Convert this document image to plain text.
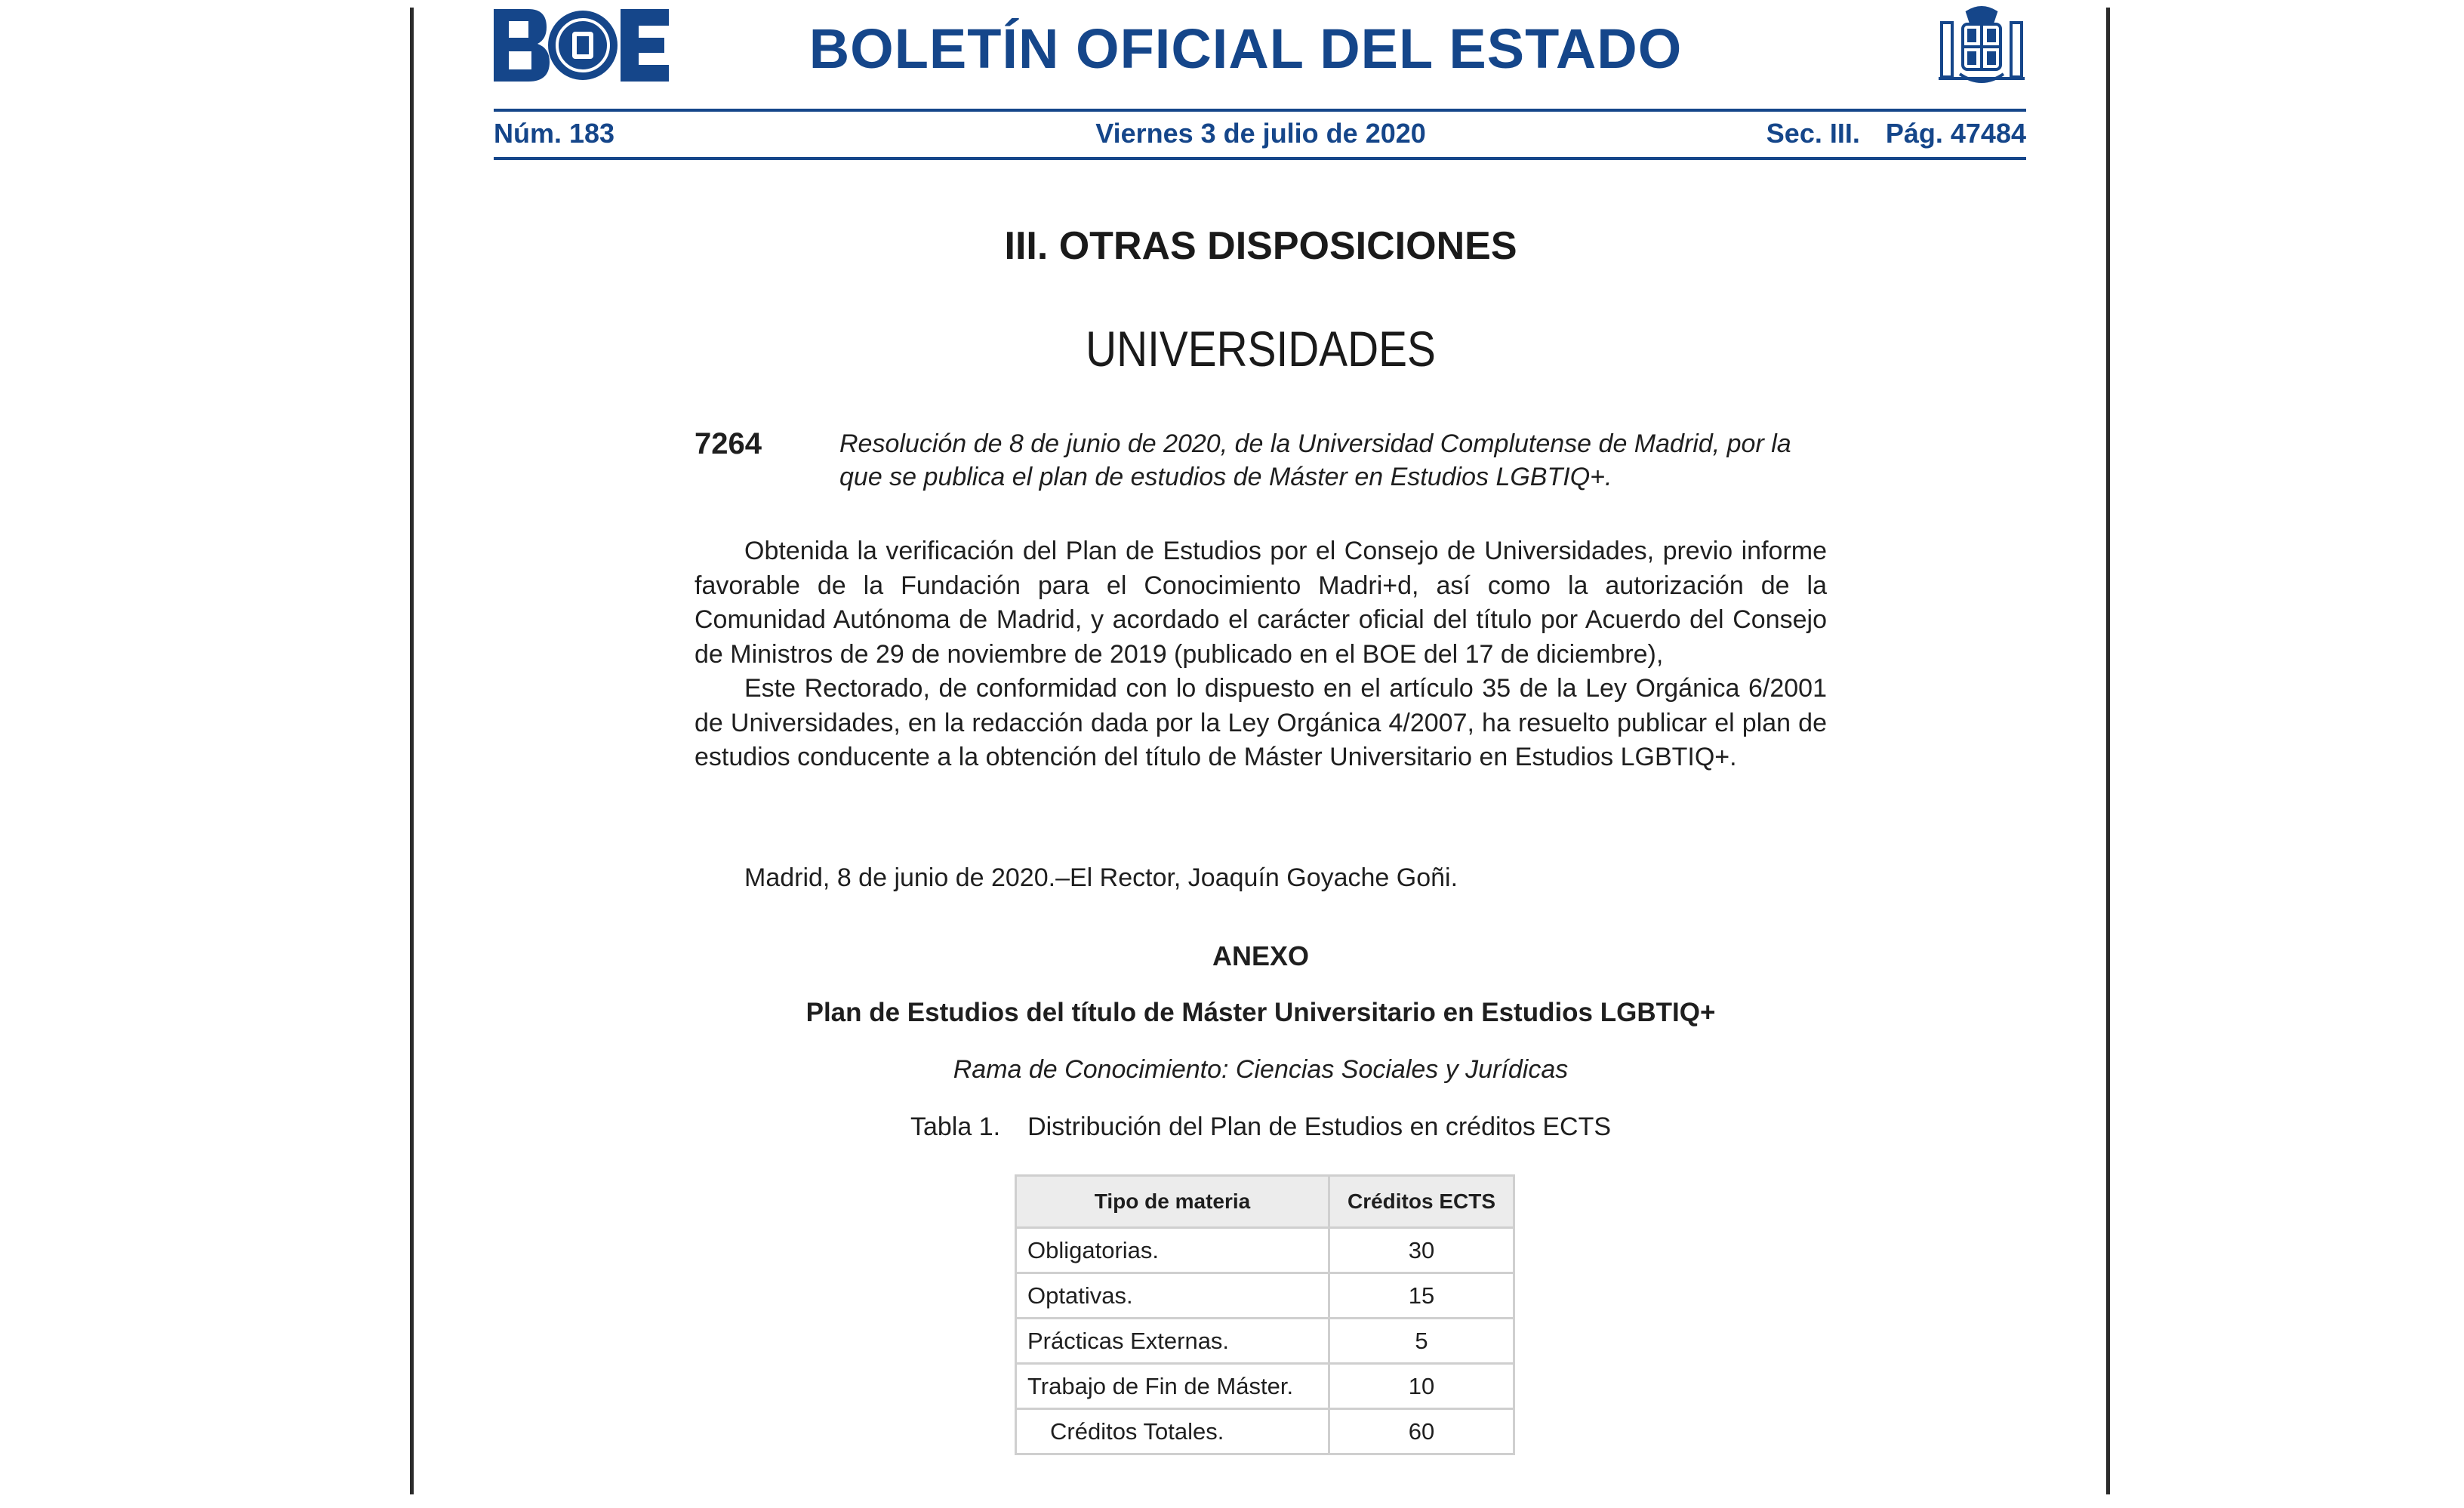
BOLETÍN OFICIAL DEL ESTADO
Núm. 183	Viernes 3 de julio de 2020	Sec. III. Pág. 47484
III. OTRAS DISPOSICIONES
UNIVERSIDADES
7264	Resolución de 8 de junio de 2020, de la Universidad Complutense de Madrid, por la que se publica el plan de estudios de Máster en Estudios LGBTIQ+.

Obtenida la verificación del Plan de Estudios por el Consejo de Universidades, previo informe favorable de la Fundación para el Conocimiento Madri+d, así como la autorización de la Comunidad Autónoma de Madrid, y acordado el carácter oficial del título por Acuerdo del Consejo de Ministros de 29 de noviembre de 2019 (publicado en el BOE del 17 de diciembre),

Este Rectorado, de conformidad con lo dispuesto en el artículo 35 de la Ley Orgánica 6/2001 de Universidades, en la redacción dada por la Ley Orgánica 4/2007, ha resuelto publicar el plan de estudios conducente a la obtención del título de Máster Universitario en Estudios LGBTIQ+.

Madrid, 8 de junio de 2020.–El Rector, Joaquín Goyache Goñi.
ANEXO
Plan de Estudios del título de Máster Universitario en Estudios LGBTIQ+
Rama de Conocimiento: Ciencias Sociales y Jurídicas
Tabla 1. Distribución del Plan de Estudios en créditos ECTS
Tipo de materia	Créditos ECTS
Obligatorias.	30
Optativas.	15
Prácticas Externas.	5
Trabajo de Fin de Máster.	10
Créditos Totales.	60
